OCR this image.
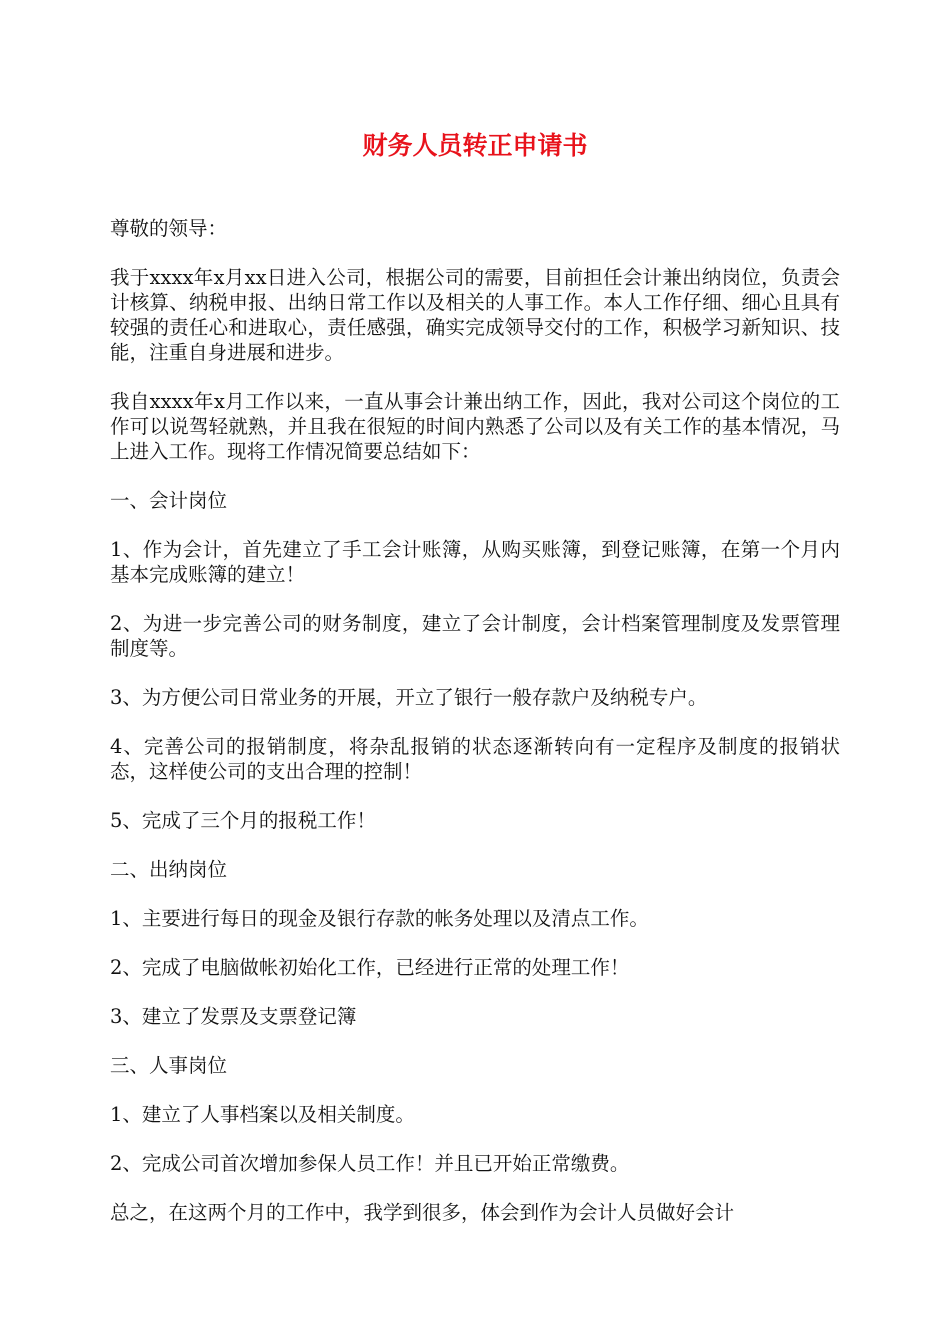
财务人员转正申请书

尊敬的领导：

我于xxxx年x月xx日进入公司，根据公司的需要，目前担任会计兼出纳岗位，负责会计核算、纳税申报、出纳日常工作以及相关的人事工作。本人工作仔细、细心且具有较强的责任心和进取心，责任感强，确实完成领导交付的工作，积极学习新知识、技能，注重自身进展和进步。

我自xxxx年x月工作以来，一直从事会计兼出纳工作，因此，我对公司这个岗位的工作可以说驾轻就熟，并且我在很短的时间内熟悉了公司以及有关工作的基本情况，马上进入工作。现将工作情况简要总结如下：

一、会计岗位

1、作为会计，首先建立了手工会计账簿，从购买账簿，到登记账簿，在第一个月内基本完成账簿的建立！

2、为进一步完善公司的财务制度，建立了会计制度，会计档案管理制度及发票管理制度等。

3、为方便公司日常业务的开展，开立了银行一般存款户及纳税专户。

4、完善公司的报销制度，将杂乱报销的状态逐渐转向有一定程序及制度的报销状态，这样使公司的支出合理的控制！

5、完成了三个月的报税工作！

二、出纳岗位

1、主要进行每日的现金及银行存款的帐务处理以及清点工作。

2、完成了电脑做帐初始化工作，已经进行正常的处理工作！

3、建立了发票及支票登记簿

三、人事岗位

1、建立了人事档案以及相关制度。

2、完成公司首次增加参保人员工作！并且已开始正常缴费。

总之，在这两个月的工作中，我学到很多，体会到作为会计人员做好会计
